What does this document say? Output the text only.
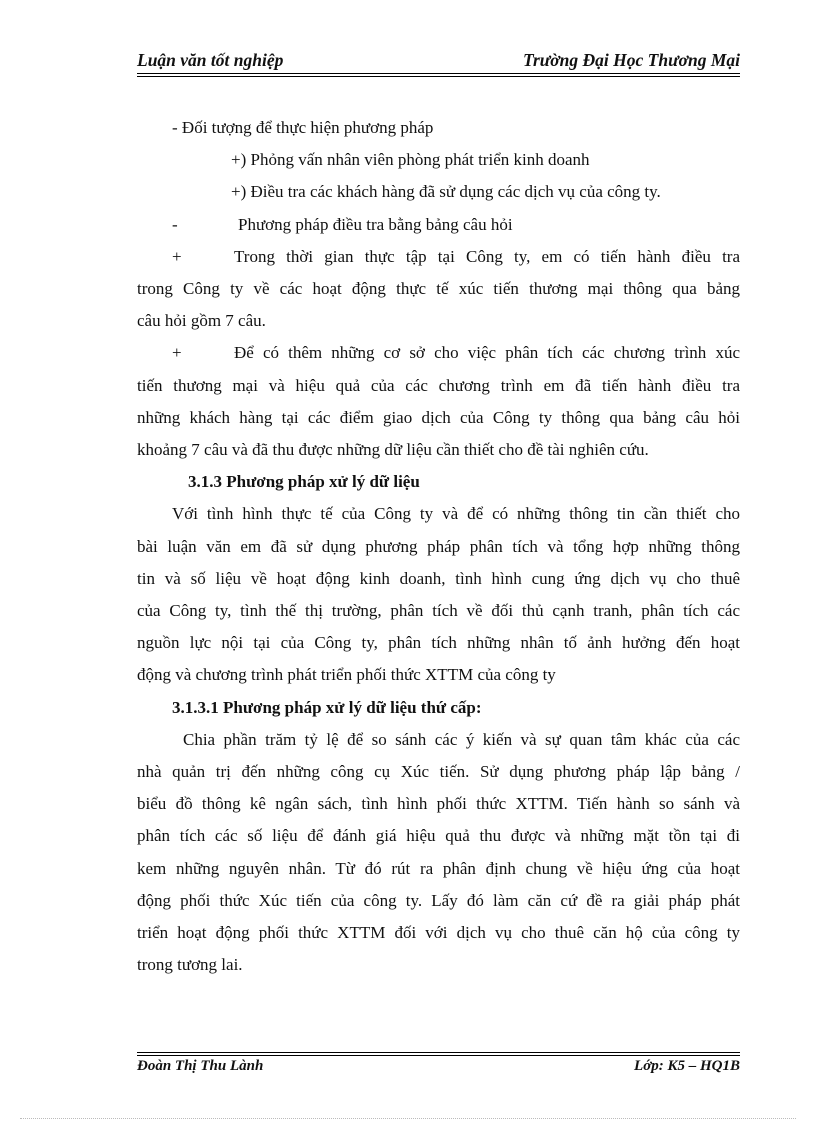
Luận văn tốt nghiệp	Trường Đại Học Thương Mại

- Đối tượng để thực hiện phương pháp

+) Phỏng vấn nhân viên phòng phát triển kinh doanh

+) Điều tra các khách hàng đã sử dụng các dịch vụ của công ty.

-	Phương pháp điều tra bằng bảng câu hỏi

+	Trong thời gian thực tập tại Công ty, em có tiến hành điều tra

trong Công ty về các hoạt động thực tế xúc tiến thương mại thông qua bảng

câu hỏi gồm 7 câu.

+	Để có thêm những cơ sở cho việc phân tích các chương trình xúc

tiến thương mại và hiệu quả của các chương trình em đã tiến hành điều tra

những khách hàng tại các điểm giao dịch của Công ty thông qua bảng câu hỏi

khoảng 7 câu và đã thu được những dữ liệu cần thiết cho đề tài nghiên cứu.

3.1.3 Phương pháp xử lý dữ liệu

Với tình hình thực tế của Công ty và để có những thông tin cần thiết cho

bài luận văn em đã sử dụng phương pháp phân tích và tổng hợp những thông

tin và số liệu về hoạt động kinh doanh, tình hình cung ứng dịch vụ cho thuê

của Công ty, tình thế thị trường, phân tích về đối thủ cạnh tranh, phân tích các

nguồn lực nội tại của Công ty, phân tích những nhân tố ảnh hưởng đến hoạt

động và chương trình phát triển phối thức XTTM của công ty

3.1.3.1 Phương pháp xử lý dữ liệu thứ cấp:

Chia phần trăm tỷ lệ để so sánh các ý kiến và sự quan tâm khác của các

nhà quản trị đến những công cụ Xúc tiến. Sử dụng phương pháp lập bảng /

biểu đồ thông kê ngân sách, tình hình phối thức XTTM. Tiến hành so sánh và

phân tích các số liệu để đánh giá hiệu quả thu được và những mặt tồn tại đi

kem những nguyên nhân. Từ đó rút ra phân định chung về hiệu ứng của hoạt

động phối thức Xúc tiến của công ty. Lấy đó làm căn cứ đề ra giải pháp phát

triển hoạt động phối thức XTTM đối với dịch vụ cho thuê căn hộ của công ty

trong tương lai.

Đoàn Thị Thu Lành	Lớp: K5 – HQ1B
